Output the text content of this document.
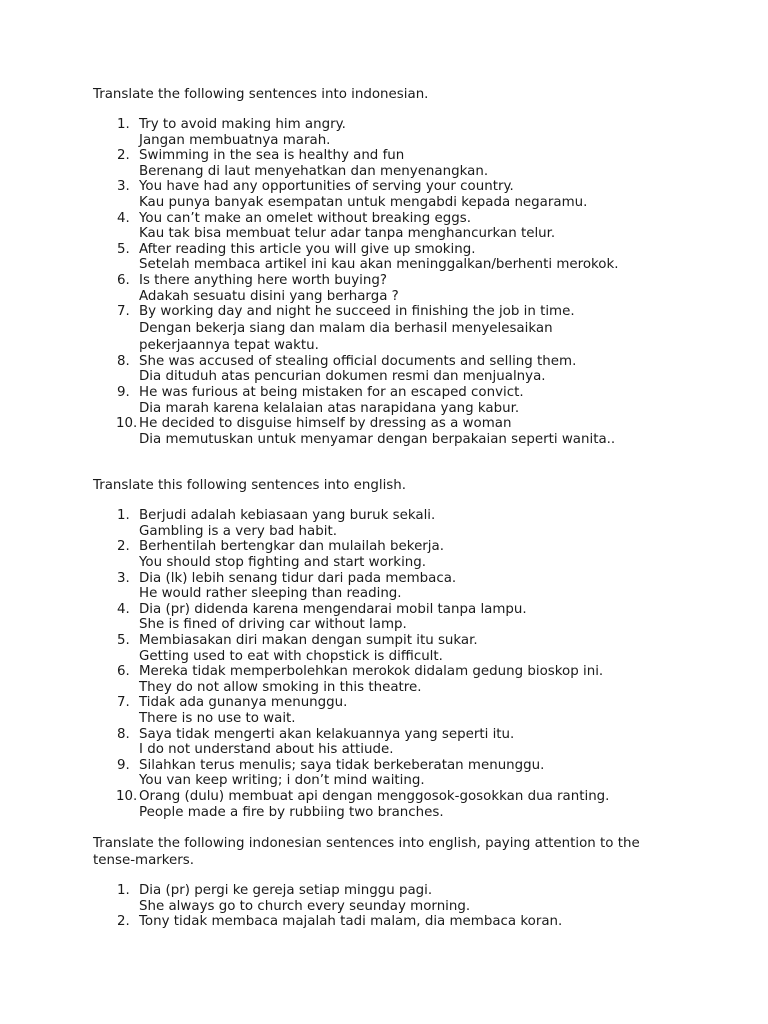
Translate the following sentences into indonesian.

1. Try to avoid making him angry.
Jangan membuatnya marah.
2. Swimming in the sea is healthy and fun
Berenang di laut menyehatkan dan menyenangkan.
3. You have had any opportunities of serving your country.
Kau punya banyak esempatan untuk mengabdi kepada negaramu.
4. You can’t make an omelet without breaking eggs.
Kau tak bisa membuat telur adar tanpa menghancurkan telur.
5. After reading this article you will give up smoking.
Setelah membaca artikel ini kau akan meninggalkan/berhenti merokok.
6. Is there anything here worth buying?
Adakah sesuatu disini yang berharga ?
7. By working day and night he succeed in finishing the job in time.
Dengan bekerja siang dan malam dia berhasil menyelesaikan
pekerjaannya tepat waktu.
8. She was accused of stealing official documents and selling them.
Dia dituduh atas pencurian dokumen resmi dan menjualnya.
9. He was furious at being mistaken for an escaped convict.
Dia marah karena kelalaian atas narapidana yang kabur.
10. He decided to disguise himself by dressing as a woman
Dia memutuskan untuk menyamar dengan berpakaian seperti wanita..

Translate this following sentences into english.

1. Berjudi adalah kebiasaan yang buruk sekali.
Gambling is a very bad habit.
2. Berhentilah bertengkar dan mulailah bekerja.
You should stop fighting and start working.
3. Dia (lk) lebih senang tidur dari pada membaca.
He would rather sleeping than reading.
4. Dia (pr) didenda karena mengendarai mobil tanpa lampu.
She is fined of driving car without lamp.
5. Membiasakan diri makan dengan sumpit itu sukar.
Getting used to eat with chopstick is difficult.
6. Mereka tidak memperbolehkan merokok didalam gedung bioskop ini.
They do not allow smoking in this theatre.
7. Tidak ada gunanya menunggu.
There is no use to wait.
8. Saya tidak mengerti akan kelakuannya yang seperti itu.
I do not understand about his attiude.
9. Silahkan terus menulis; saya tidak berkeberatan menunggu.
You van keep writing; i don’t mind waiting.
10. Orang (dulu) membuat api dengan menggosok-gosokkan dua ranting.
People made a fire by rubbiing two branches.

Translate the following indonesian sentences into english, paying attention to the tense-markers.

1. Dia (pr) pergi ke gereja setiap minggu pagi.
She always go to church every seunday morning.
2. Tony tidak membaca majalah tadi malam, dia membaca koran.
